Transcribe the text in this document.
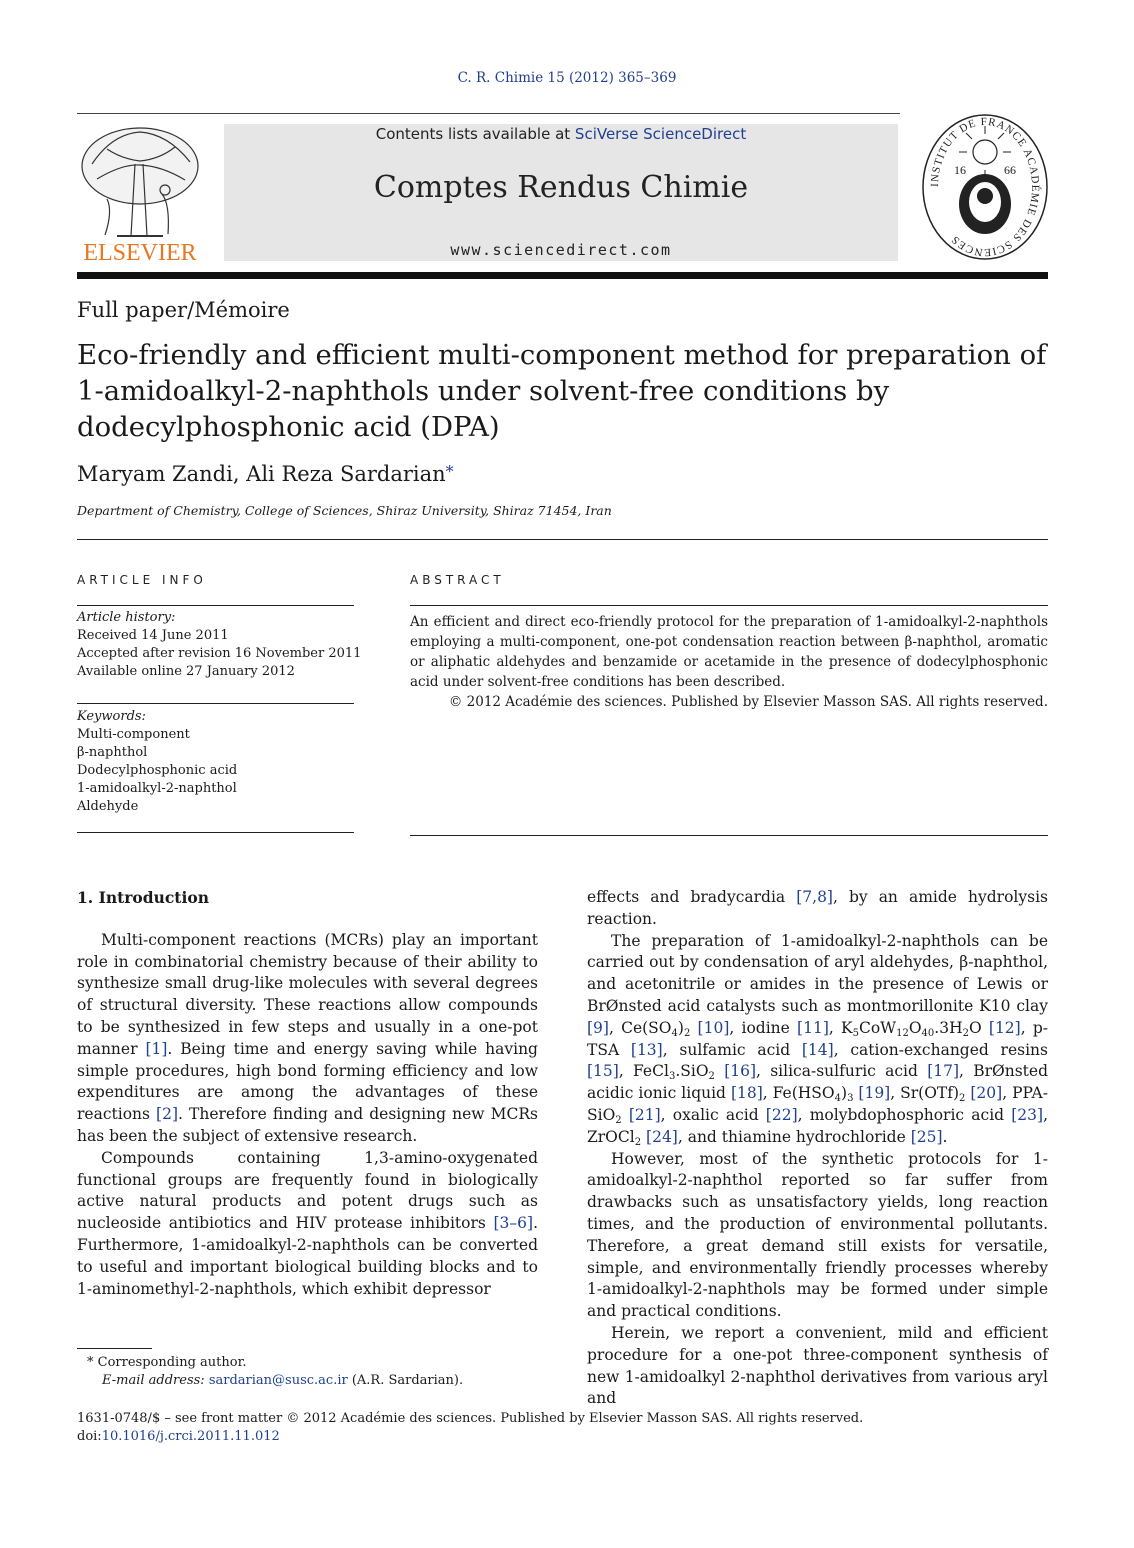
C. R. Chimie 15 (2012) 365–369
ELSEVIER
Contents lists available at SciVerse ScienceDirect
Comptes Rendus Chimie
www.sciencedirect.com
INSTITUT DE FRANCE ACADÉMIE DES SCIENCES
16	66
Full paper/Mémoire
Eco-friendly and efficient multi-component method for preparation of 1-amidoalkyl-2-naphthols under solvent-free conditions by dodecylphosphonic acid (DPA)
Maryam Zandi, Ali Reza Sardarian*
Department of Chemistry, College of Sciences, Shiraz University, Shiraz 71454, Iran
ARTICLE INFO
Article history:
Received 14 June 2011
Accepted after revision 16 November 2011
Available online 27 January 2012
Keywords:
Multi-component
β-naphthol
Dodecylphosphonic acid
1-amidoalkyl-2-naphthol
Aldehyde
ABSTRACT
An efficient and direct eco-friendly protocol for the preparation of 1-amidoalkyl-2-naphthols employing a multi-component, one-pot condensation reaction between β-naphthol, aromatic or aliphatic aldehydes and benzamide or acetamide in the presence of dodecylphosphonic acid under solvent-free conditions has been described.
© 2012 Académie des sciences. Published by Elsevier Masson SAS. All rights reserved.
1. Introduction

Multi-component reactions (MCRs) play an important role in combinatorial chemistry because of their ability to synthesize small drug-like molecules with several degrees of structural diversity. These reactions allow compounds to be synthesized in few steps and usually in a one-pot manner [1]. Being time and energy saving while having simple procedures, high bond forming efficiency and low expenditures are among the advantages of these reactions [2]. Therefore finding and designing new MCRs has been the subject of extensive research.

Compounds containing 1,3-amino-oxygenated functional groups are frequently found in biologically active natural products and potent drugs such as nucleoside antibiotics and HIV protease inhibitors [3–6]. Furthermore, 1-amidoalkyl-2-naphthols can be converted to useful and important biological building blocks and to 1-aminomethyl-2-naphthols, which exhibit depressor

* Corresponding author.
E-mail address: sardarian@susc.ac.ir (A.R. Sardarian).

effects and bradycardia [7,8], by an amide hydrolysis reaction.

The preparation of 1-amidoalkyl-2-naphthols can be carried out by condensation of aryl aldehydes, β-naphthol, and acetonitrile or amides in the presence of Lewis or BrØnsted acid catalysts such as montmorillonite K10 clay [9], $Ce(SO_4)_2$ [10], iodine [11], $K_5CoW_{12}O_{40}.3H_2O$ [12], p-TSA [13], sulfamic acid [14], cation-exchanged resins [15], FeCl$_3$.SiO$_2$ [16], silica-sulfuric acid [17], BrØnsted acidic ionic liquid [18], $Fe(HSO_4)_3$ [19], $Sr(OTf)_2$ [20], PPA-SiO$_2$ [21], oxalic acid [22], molybdophosphoric acid [23], ZrOCl$_2$ [24], and thiamine hydrochloride [25].

However, most of the synthetic protocols for 1-amidoalkyl-2-naphthol reported so far suffer from drawbacks such as unsatisfactory yields, long reaction times, and the production of environmental pollutants. Therefore, a great demand still exists for versatile, simple, and environmentally friendly processes whereby 1-amidoalkyl-2-naphthols may be formed under simple and practical conditions.

Herein, we report a convenient, mild and efficient procedure for a one-pot three-component synthesis of new 1-amidoalkyl 2-naphthol derivatives from various aryl and

1631-0748/$ – see front matter © 2012 Académie des sciences. Published by Elsevier Masson SAS. All rights reserved.
doi:10.1016/j.crci.2011.11.012
